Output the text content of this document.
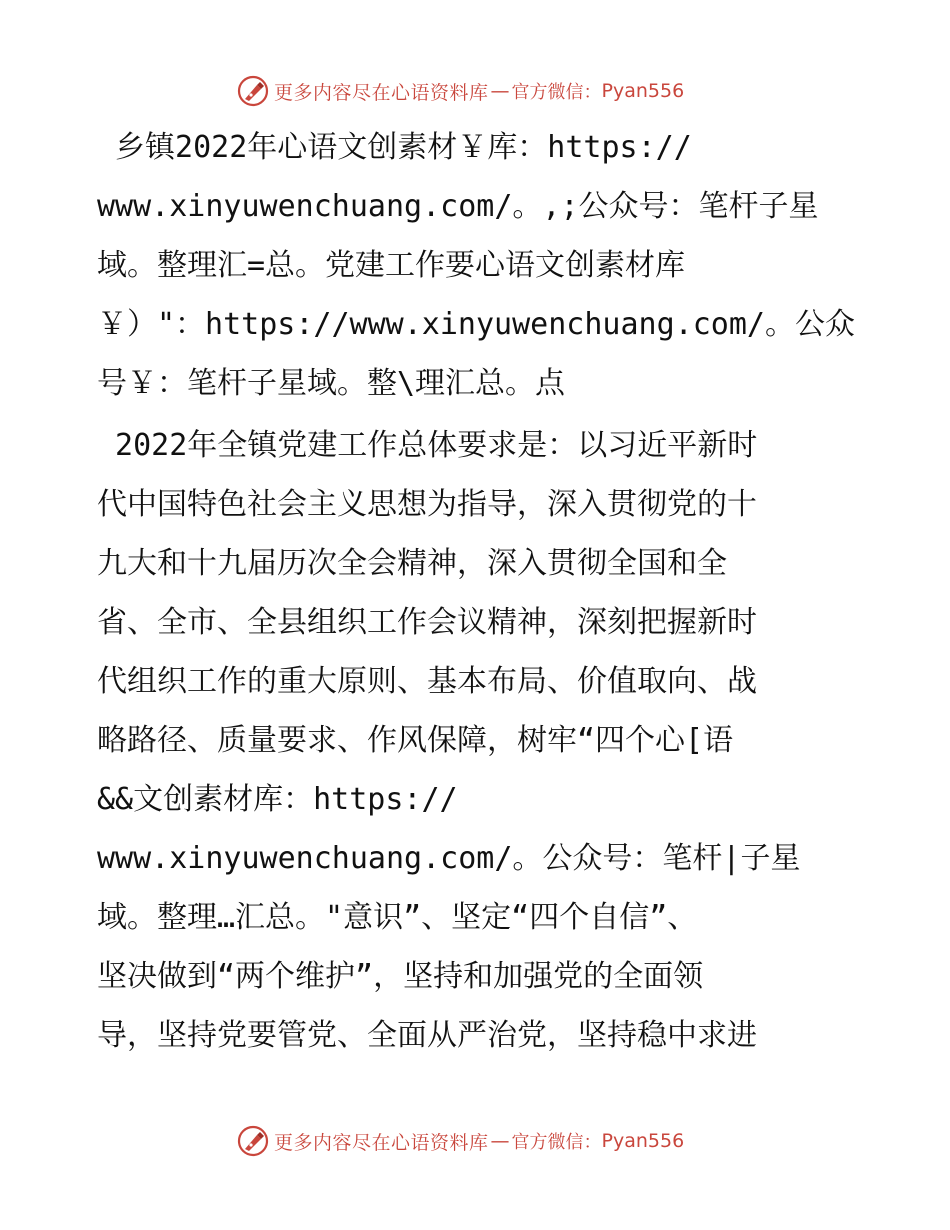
更多内容尽在心语资料库 — 官方微信： Pyan556
乡镇2022年心语文创素材￥库：https://
www.xinyuwenchuang.com/。,;公众号：笔杆子星
域。整理汇=总。党建工作要心语文创素材库
￥）"：https://www.xinyuwenchuang.com/。公众
号￥：笔杆子星域。整\理汇总。点
2022年全镇党建工作总体要求是：以习近平新时
代中国特色社会主义思想为指导，深入贯彻党的十
九大和十九届历次全会精神，深入贯彻全国和全
省、全市、全县组织工作会议精神，深刻把握新时
代组织工作的重大原则、基本布局、价值取向、战
略路径、质量要求、作风保障，树牢“四个心[语
&&文创素材库：https://
www.xinyuwenchuang.com/。公众号：笔杆|子星
域。整理…汇总。"意识”、坚定“四个自信”、
坚决做到“两个维护”，坚持和加强党的全面领
导，坚持党要管党、全面从严治党，坚持稳中求进
更多内容尽在心语资料库 — 官方微信： Pyan556
